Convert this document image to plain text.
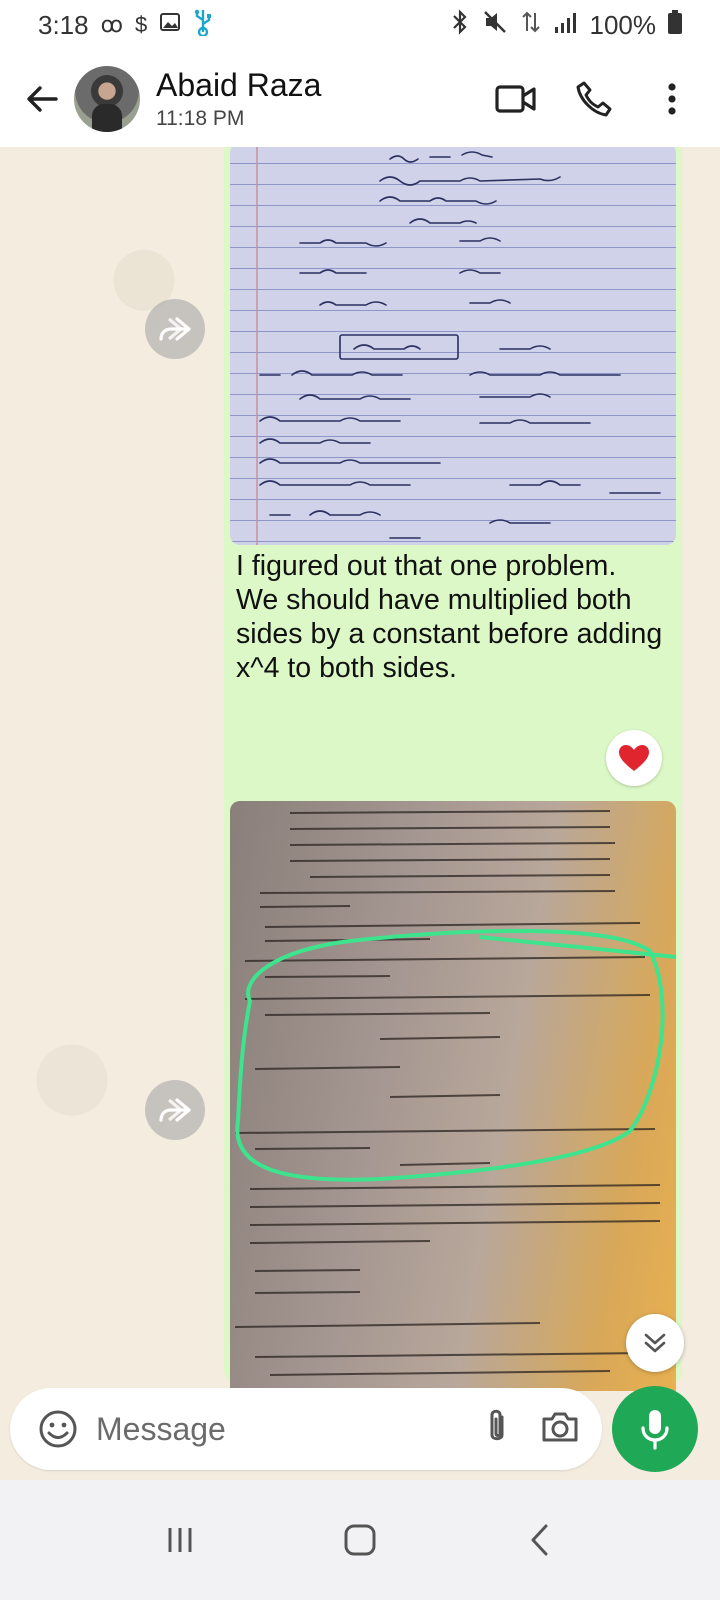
3:18 ꝏ $	100%
Abaid Raza
11:18 PM
I figured out that one problem. We should have multiplied both sides by a constant before adding x^4 to both sides.
Message
